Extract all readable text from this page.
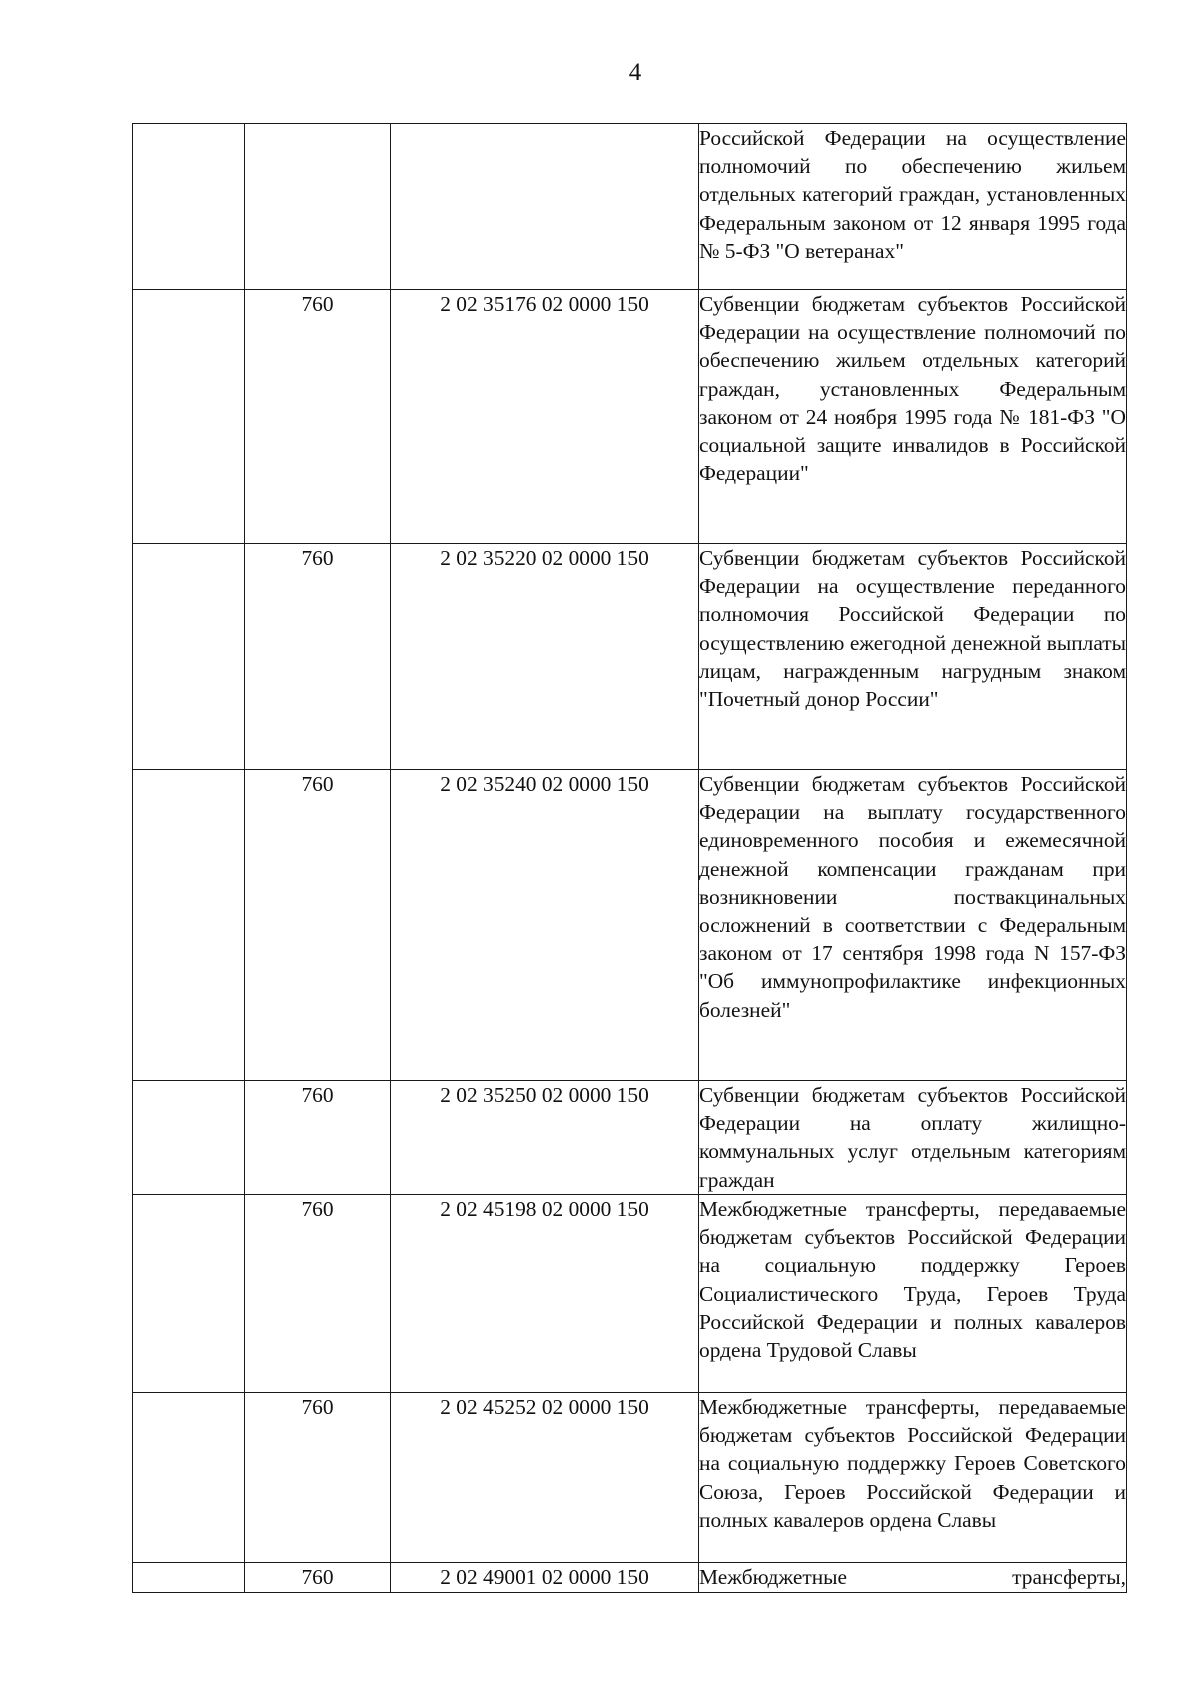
4

			Российской Федерации на осуществление полномочий по обеспечению жильем отдельных категорий граждан, установленных Федеральным законом от 12 января 1995 года № 5-ФЗ "О ветеранах"

	760	2 02 35176 02 0000 150	Субвенции бюджетам субъектов Российской Федерации на осуществление полномочий по обеспечению жильем отдельных категорий граждан, установленных Федеральным законом от 24 ноября 1995 года № 181-ФЗ "О социальной защите инвалидов в Российской Федерации"

	760	2 02 35220 02 0000 150	Субвенции бюджетам субъектов Российской Федерации на осуществление переданного полномочия Российской Федерации по осуществлению ежегодной денежной выплаты лицам, награжденным нагрудным знаком "Почетный донор России"

	760	2 02 35240 02 0000 150	Субвенции бюджетам субъектов Российской Федерации на выплату государственного единовременного пособия и ежемесячной денежной компенсации гражданам при возникновении поствакцинальных осложнений в соответствии с Федеральным законом от 17 сентября 1998 года N 157-ФЗ "Об иммунопрофилактике инфекционных болезней"

	760	2 02 35250 02 0000 150	Субвенции бюджетам субъектов Российской Федерации на оплату жилищно-коммунальных услуг отдельным категориям граждан

	760	2 02 45198 02 0000 150	Межбюджетные трансферты, передаваемые бюджетам субъектов Российской Федерации на социальную поддержку Героев Социалистического Труда, Героев Труда Российской Федерации и полных кавалеров ордена Трудовой Славы

	760	2 02 45252 02 0000 150	Межбюджетные трансферты, передаваемые бюджетам субъектов Российской Федерации на социальную поддержку Героев Советского Союза, Героев Российской Федерации и полных кавалеров ордена Славы

	760	2 02 49001 02 0000 150	Межбюджетные трансферты,
